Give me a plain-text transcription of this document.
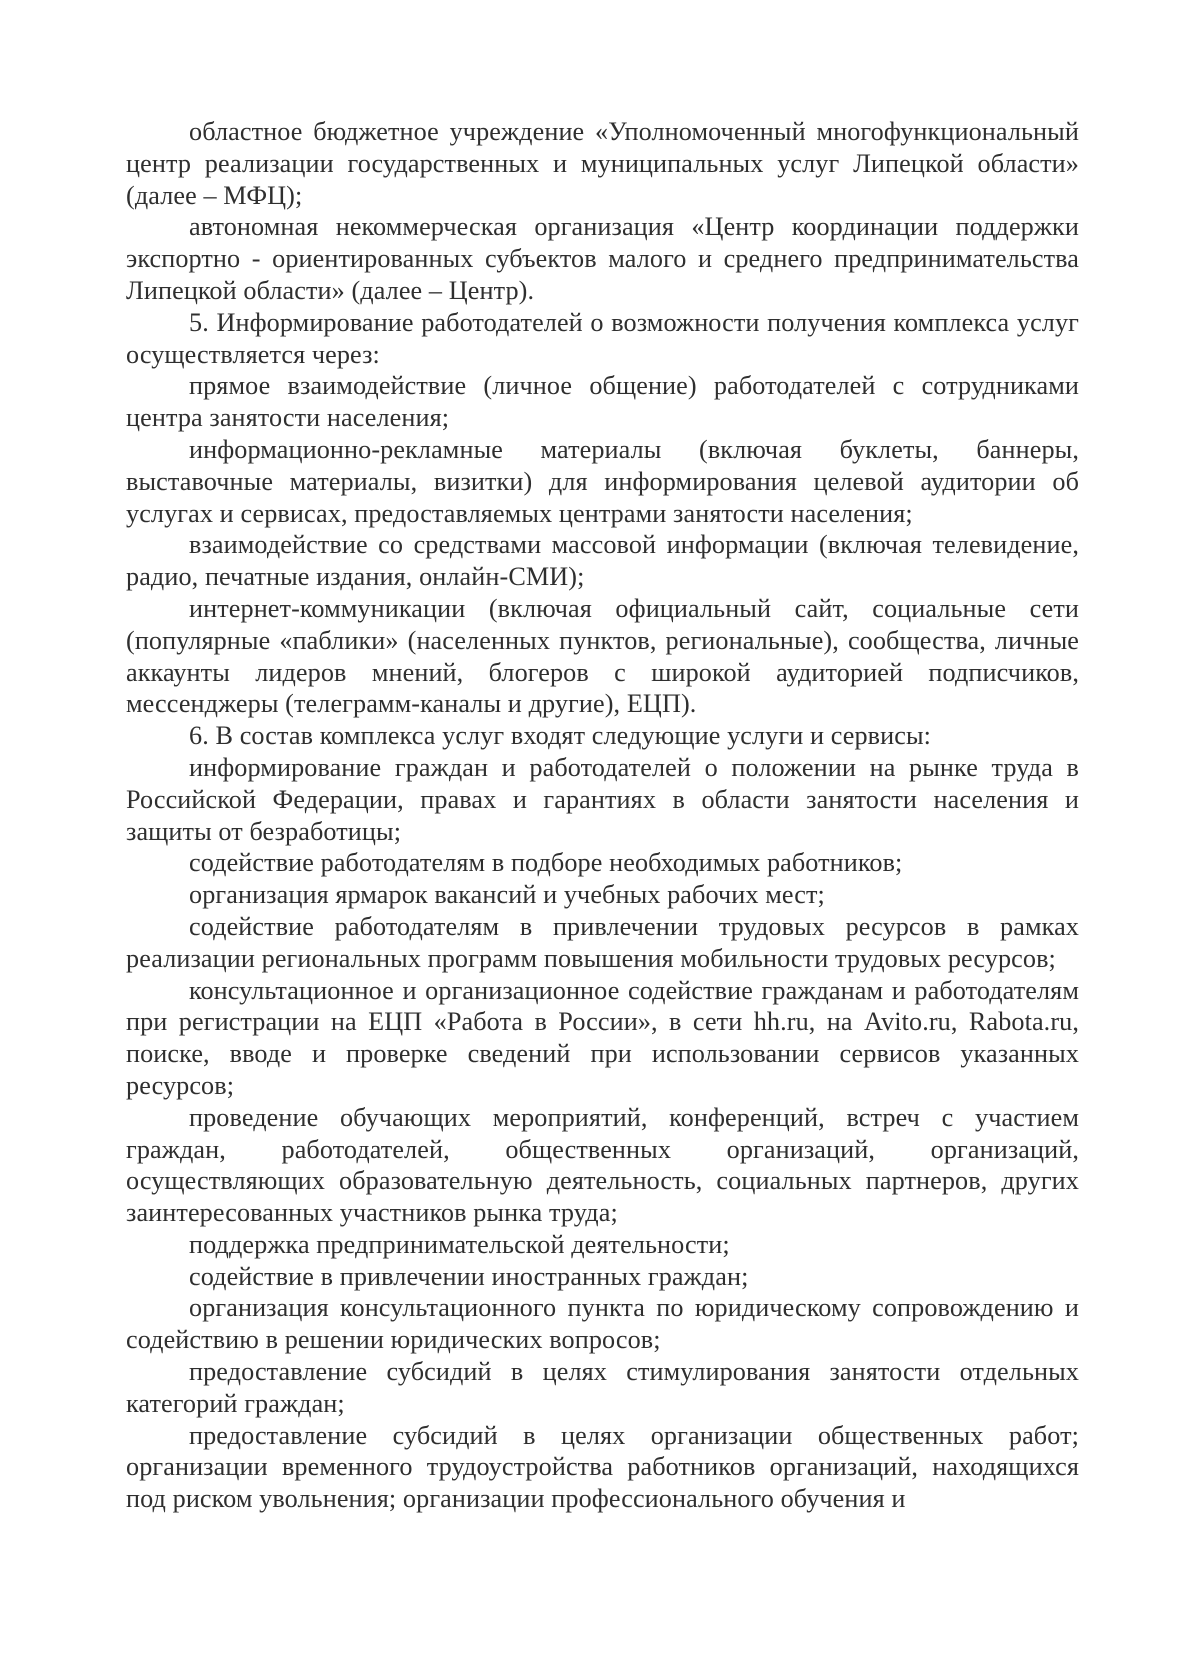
областное бюджетное учреждение «Уполномоченный многофункциональный центр реализации государственных и муниципальных услуг Липецкой области» (далее – МФЦ);

автономная некоммерческая организация «Центр координации поддержки экспортно - ориентированных субъектов малого и среднего предпринимательства Липецкой области» (далее – Центр).

5. Информирование работодателей о возможности получения комплекса услуг осуществляется через:

прямое взаимодействие (личное общение) работодателей с сотрудниками центра занятости населения;

информационно-рекламные материалы (включая буклеты, баннеры, выставочные материалы, визитки) для информирования целевой аудитории об услугах и сервисах, предоставляемых центрами занятости населения;

взаимодействие со средствами массовой информации (включая телевидение, радио, печатные издания, онлайн-СМИ);

интернет-коммуникации (включая официальный сайт, социальные сети (популярные «паблики» (населенных пунктов, региональные), сообщества, личные аккаунты лидеров мнений, блогеров с широкой аудиторией подписчиков, мессенджеры (телеграмм-каналы и другие), ЕЦП).

6. В состав комплекса услуг входят следующие услуги и сервисы:

информирование граждан и работодателей о положении на рынке труда в Российской Федерации, правах и гарантиях в области занятости населения и защиты от безработицы;

содействие работодателям в подборе необходимых работников;

организация ярмарок вакансий и учебных рабочих мест;

содействие работодателям в привлечении трудовых ресурсов в рамках реализации региональных программ повышения мобильности трудовых ресурсов;

консультационное и организационное содействие гражданам и работодателям при регистрации на ЕЦП «Работа в России», в сети hh.ru, на Avito.ru, Rabota.ru, поиске, вводе и проверке сведений при использовании сервисов указанных ресурсов;

проведение обучающих мероприятий, конференций, встреч с участием граждан, работодателей, общественных организаций, организаций, осуществляющих образовательную деятельность, социальных партнеров, других заинтересованных участников рынка труда;

поддержка предпринимательской деятельности;

содействие в привлечении иностранных граждан;

организация консультационного пункта по юридическому сопровождению и содействию в решении юридических вопросов;

предоставление субсидий в целях стимулирования занятости отдельных категорий граждан;

предоставление субсидий в целях организации общественных работ; организации временного трудоустройства работников организаций, находящихся под риском увольнения; организации профессионального обучения и
